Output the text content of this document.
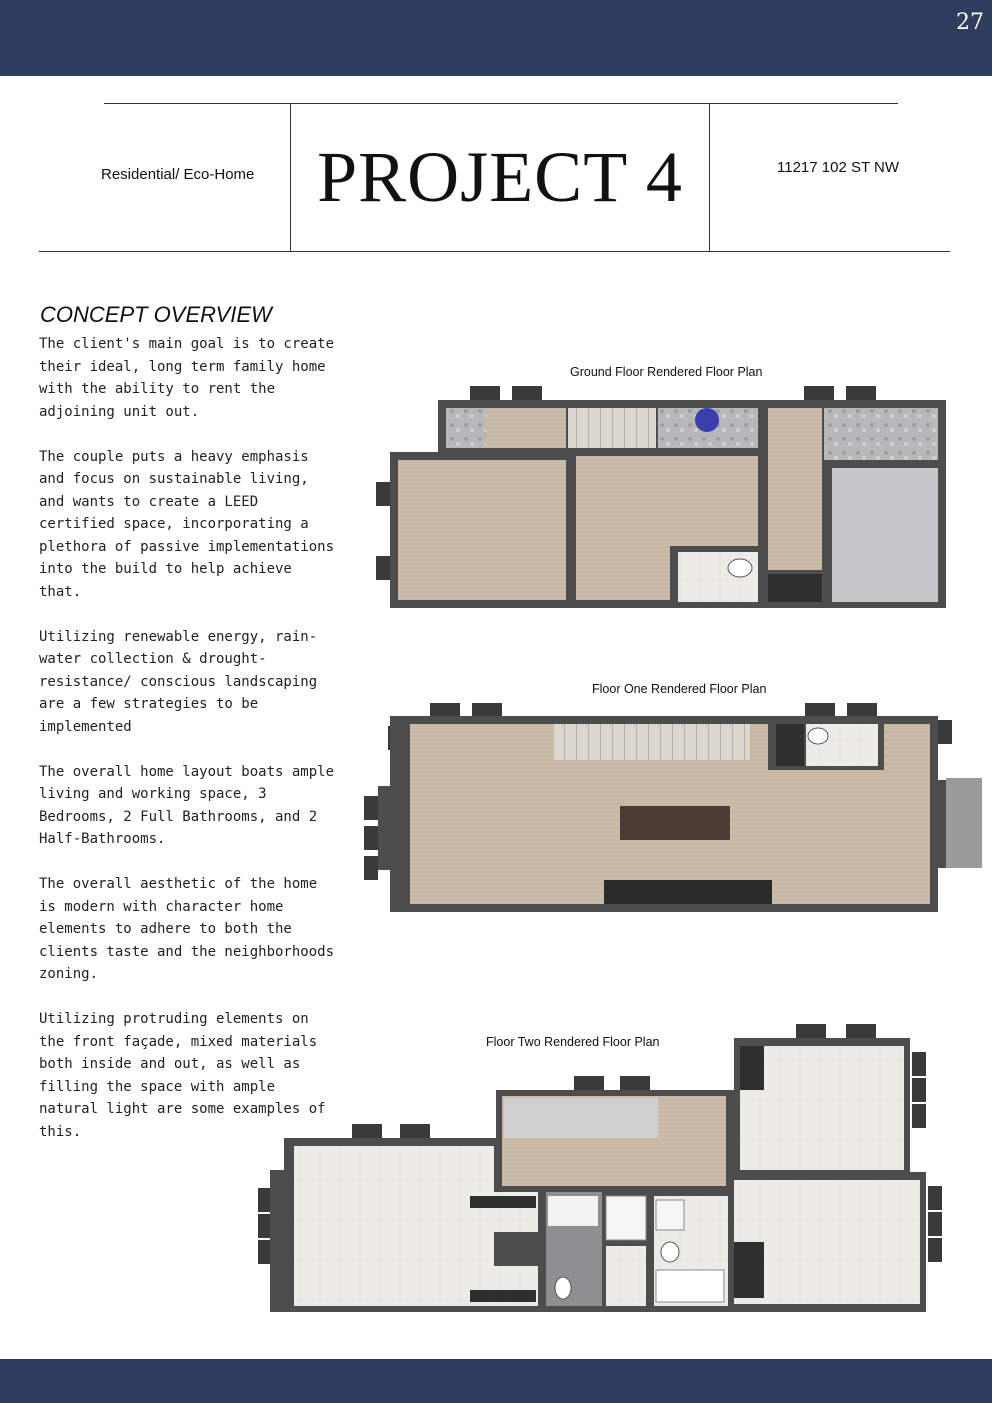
27
Residential/ Eco-Home PROJECT 4	11217 102 ST NW
CONCEPT OVERVIEW

The client's main goal is to create their ideal, long term family home with the ability to rent the adjoining unit out.

The couple puts a heavy emphasis and focus on sustainable living, and wants to create a LEED certified space, incorporating a plethora of passive implementations into the build to help achieve that.

Utilizing renewable energy, rain-water collection & drought-resistance/ conscious landscaping are a few strategies to be implemented

The overall home layout boats ample living and working space, 3 Bedrooms, 2 Full Bathrooms, and 2 Half-Bathrooms.

The overall aesthetic of the home is modern with character home elements to adhere to both the clients taste and the neighborhoods zoning.

Utilizing protruding elements on the front façade, mixed materials both inside and out, as well as filling the space with ample natural light are some examples of this.

Ground Floor Rendered Floor Plan
Floor One Rendered Floor Plan
Floor Two Rendered Floor Plan
